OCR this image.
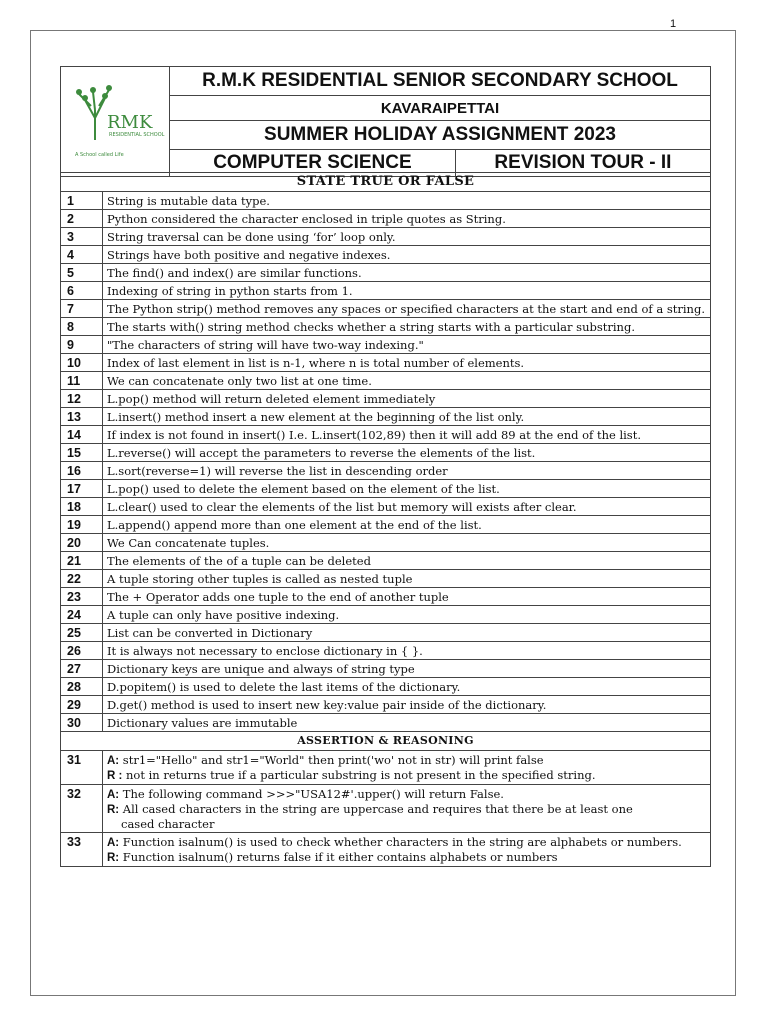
1
RMK
RESIDENTIAL SCHOOL
A School called Life	R.M.K RESIDENTIAL SENIOR SECONDARY SCHOOL	
	KAVARAIPETTAI	
	SUMMER HOLIDAY ASSIGNMENT 2023	
	COMPUTER SCIENCE	REVISION TOUR - II
STATE TRUE OR FALSE	
1	String is mutable data type.
2	Python considered the character enclosed in triple quotes as String.
3	String traversal can be done using ‘for’ loop only.
4	Strings have both positive and negative indexes.
5	The find() and index() are similar functions.
6	Indexing of string in python starts from 1.
7	The Python strip() method removes any spaces or specified characters at the start and end of a string.
8	The starts with() string method checks whether a string starts with a particular substring.
9	"The characters of string will have two-way indexing."
10	Index of last element in list is n-1, where n is total number of elements.
11	We can concatenate only two list at one time.
12	L.pop() method will return deleted element immediately
13	L.insert() method insert a new element at the beginning of the list only.
14	If index is not found in insert() I.e. L.insert(102,89) then it will add 89 at the end of the list.
15	L.reverse() will accept the parameters to reverse the elements of the list.
16	L.sort(reverse=1) will reverse the list in descending order
17	L.pop() used to delete the element based on the element of the list.
18	L.clear() used to clear the elements of the list but memory will exists after clear.
19	L.append() append more than one element at the end of the list.
20	We Can concatenate tuples.
21	The elements of the of a tuple can be deleted
22	A tuple storing other tuples is called as nested tuple
23	The + Operator adds one tuple to the end of another tuple
24	A tuple can only have positive indexing.
25	List can be converted in Dictionary
26	It is always not necessary to enclose dictionary in { }.
27	Dictionary keys are unique and always of string type
28	D.popitem() is used to delete the last items of the dictionary.
29	D.get() method is used to insert new key:value pair inside of the dictionary.
30	Dictionary values are immutable
ASSERTION & REASONING	
31	A: str1="Hello" and str1="World" then print('wo' not in str) will print false
R : not in returns true if a particular substring is not present in the specified string.

32	A: The following command >>>"USA12#'.upper() will return False.
R: All cased characters in the string are uppercase and requires that there be at least one
cased character

33	A: Function isalnum() is used to check whether characters in the string are alphabets or numbers.
R: Function isalnum() returns false if it either contains alphabets or numbers
